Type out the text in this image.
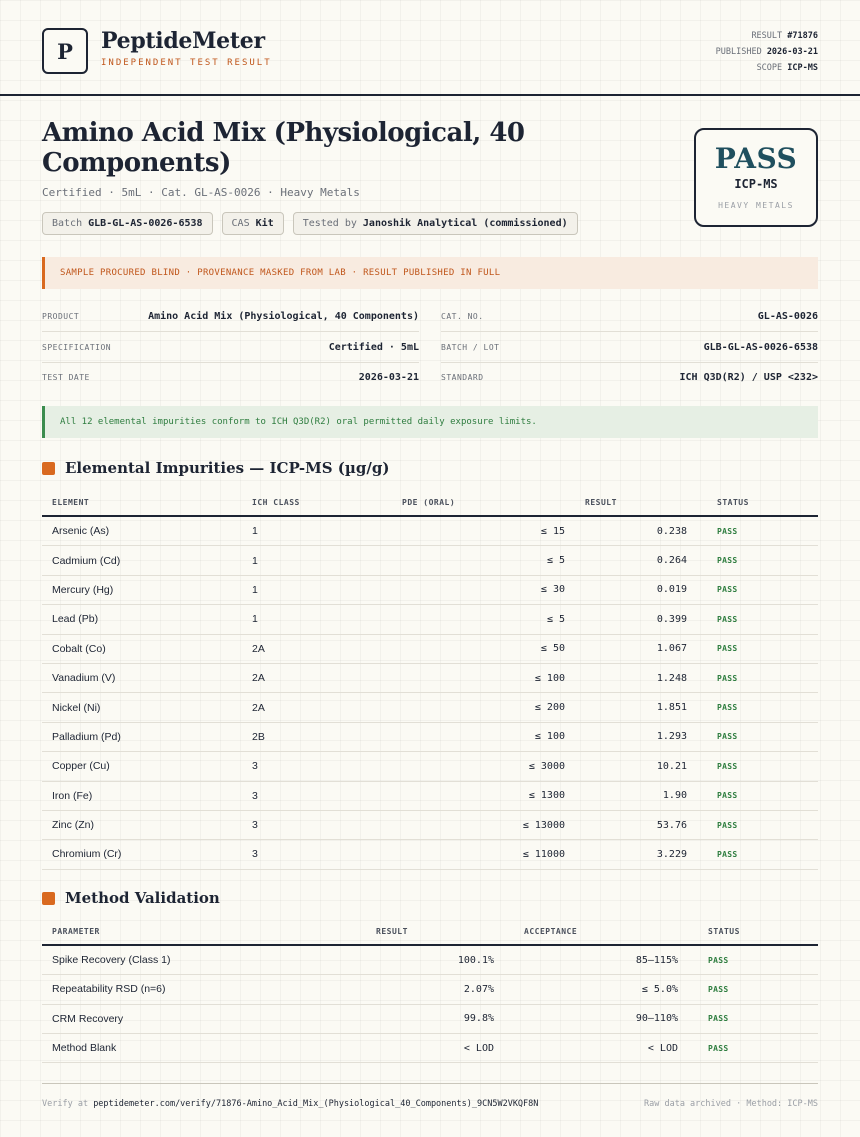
P	PeptideMeter
INDEPENDENT TEST RESULT
RESULT #71876
PUBLISHED 2026-03-21
SCOPE ICP-MS
Amino Acid Mix (Physiological, 40 Components)
Certified · 5mL · Cat. GL-AS-0026 · Heavy Metals
Batch GLB-GL-AS-0026-6538	CAS Kit	Tested by Janoshik Analytical (commissioned)
PASS
ICP-MS
HEAVY METALS
SAMPLE PROCURED BLIND · PROVENANCE MASKED FROM LAB · RESULT PUBLISHED IN FULL
PRODUCT	Amino Acid Mix (Physiological, 40 Components)
SPECIFICATION	Certified · 5mL
TEST DATE	2026-03-21
CAT. NO.	GL-AS-0026
BATCH / LOT	GLB-GL-AS-0026-6538
STANDARD	ICH Q3D(R2) / USP <232>
All 12 elemental impurities conform to ICH Q3D(R2) oral permitted daily exposure limits.
Elemental Impurities — ICP-MS (µg/g)
ELEMENT	ICH CLASS	PDE (ORAL)	RESULT	STATUS
Arsenic (As)	1	≤ 15	0.238	PASS
Cadmium (Cd)	1	≤ 5	0.264	PASS
Mercury (Hg)	1	≤ 30	0.019	PASS
Lead (Pb)	1	≤ 5	0.399	PASS
Cobalt (Co)	2A	≤ 50	1.067	PASS
Vanadium (V)	2A	≤ 100	1.248	PASS
Nickel (Ni)	2A	≤ 200	1.851	PASS
Palladium (Pd)	2B	≤ 100	1.293	PASS
Copper (Cu)	3	≤ 3000	10.21	PASS
Iron (Fe)	3	≤ 1300	1.90	PASS
Zinc (Zn)	3	≤ 13000	53.76	PASS
Chromium (Cr)	3	≤ 11000	3.229	PASS
Method Validation
PARAMETER	RESULT	ACCEPTANCE	STATUS
Spike Recovery (Class 1)	100.1%	85–115%	PASS
Repeatability RSD (n=6)	2.07%	≤ 5.0%	PASS
CRM Recovery	99.8%	90–110%	PASS
Method Blank	< LOD	< LOD	PASS
Verify at peptidemeter.com/verify/71876-Amino_Acid_Mix_(Physiological_40_Components)_9CN5W2VKQF8N	Raw data archived · Method: ICP-MS
